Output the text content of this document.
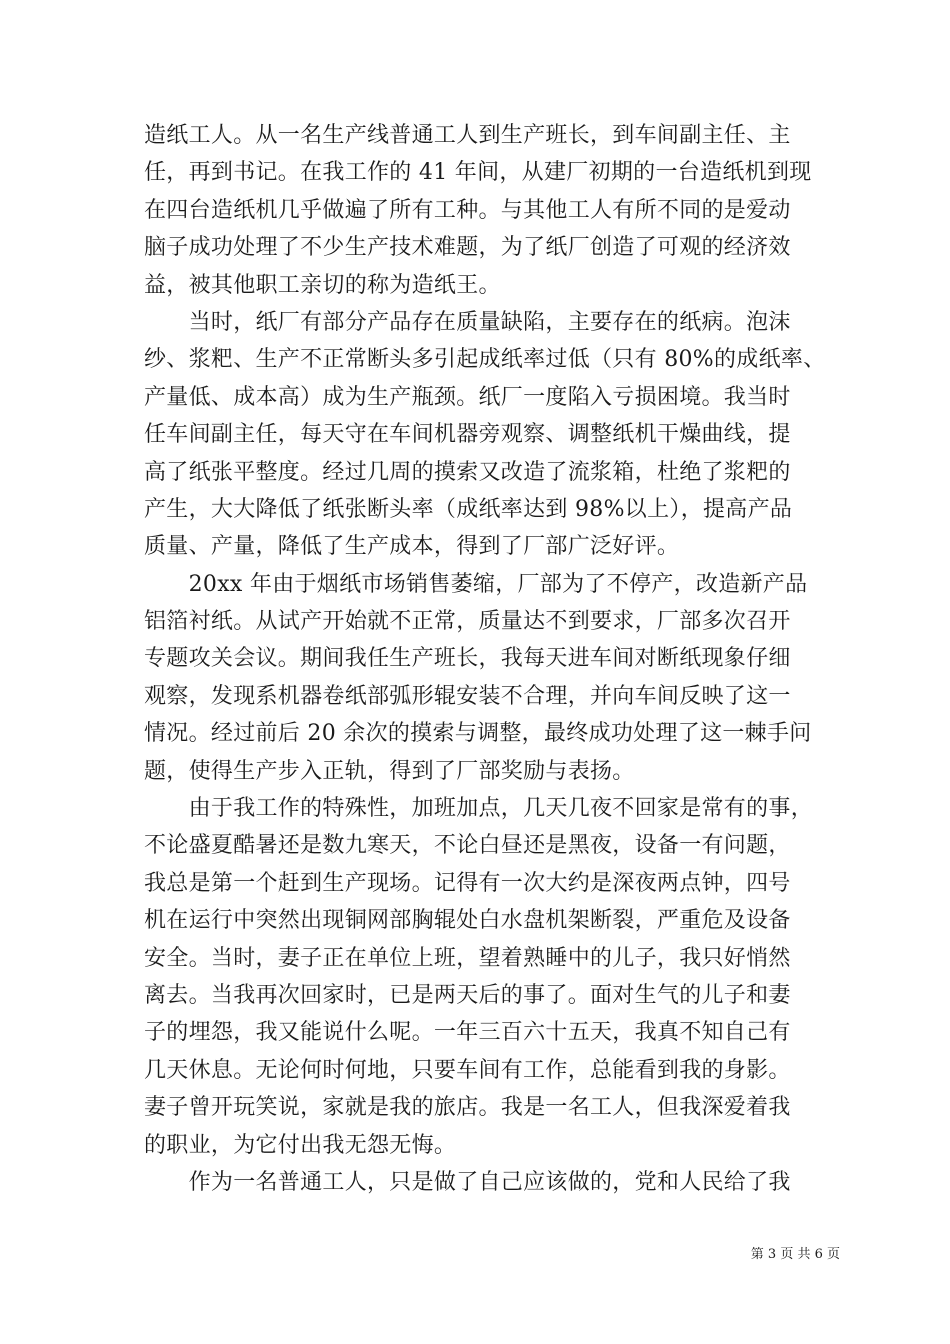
造纸工人。从一名生产线普通工人到生产班长，到车间副主任、主
任，再到书记。在我工作的 41 年间，从建厂初期的一台造纸机到现
在四台造纸机几乎做遍了所有工种。与其他工人有所不同的是爱动
脑子成功处理了不少生产技术难题，为了纸厂创造了可观的经济效
益，被其他职工亲切的称为造纸王。
　　当时，纸厂有部分产品存在质量缺陷，主要存在的纸病。泡沫
纱、浆粑、生产不正常断头多引起成纸率过低（只有 80%的成纸率、
产量低、成本高）成为生产瓶颈。纸厂一度陷入亏损困境。我当时
任车间副主任，每天守在车间机器旁观察、调整纸机干燥曲线，提
高了纸张平整度。经过几周的摸索又改造了流浆箱，杜绝了浆粑的
产生，大大降低了纸张断头率（成纸率达到 98%以上），提高产品
质量、产量，降低了生产成本，得到了厂部广泛好评。
　　20xx 年由于烟纸市场销售萎缩，厂部为了不停产，改造新产品
铝箔衬纸。从试产开始就不正常，质量达不到要求，厂部多次召开
专题攻关会议。期间我任生产班长，我每天进车间对断纸现象仔细
观察，发现系机器卷纸部弧形辊安装不合理，并向车间反映了这一
情况。经过前后 20 余次的摸索与调整，最终成功处理了这一棘手问
题，使得生产步入正轨，得到了厂部奖励与表扬。
　　由于我工作的特殊性，加班加点，几天几夜不回家是常有的事，
不论盛夏酷暑还是数九寒天，不论白昼还是黑夜，设备一有问题，
我总是第一个赶到生产现场。记得有一次大约是深夜两点钟，四号
机在运行中突然出现铜网部胸辊处白水盘机架断裂，严重危及设备
安全。当时，妻子正在单位上班，望着熟睡中的儿子，我只好悄然
离去。当我再次回家时，已是两天后的事了。面对生气的儿子和妻
子的埋怨，我又能说什么呢。一年三百六十五天，我真不知自己有
几天休息。无论何时何地，只要车间有工作，总能看到我的身影。
妻子曾开玩笑说，家就是我的旅店。我是一名工人，但我深爱着我
的职业，为它付出我无怨无悔。
　　作为一名普通工人，只是做了自己应该做的，党和人民给了我
第 3 页 共 6 页
